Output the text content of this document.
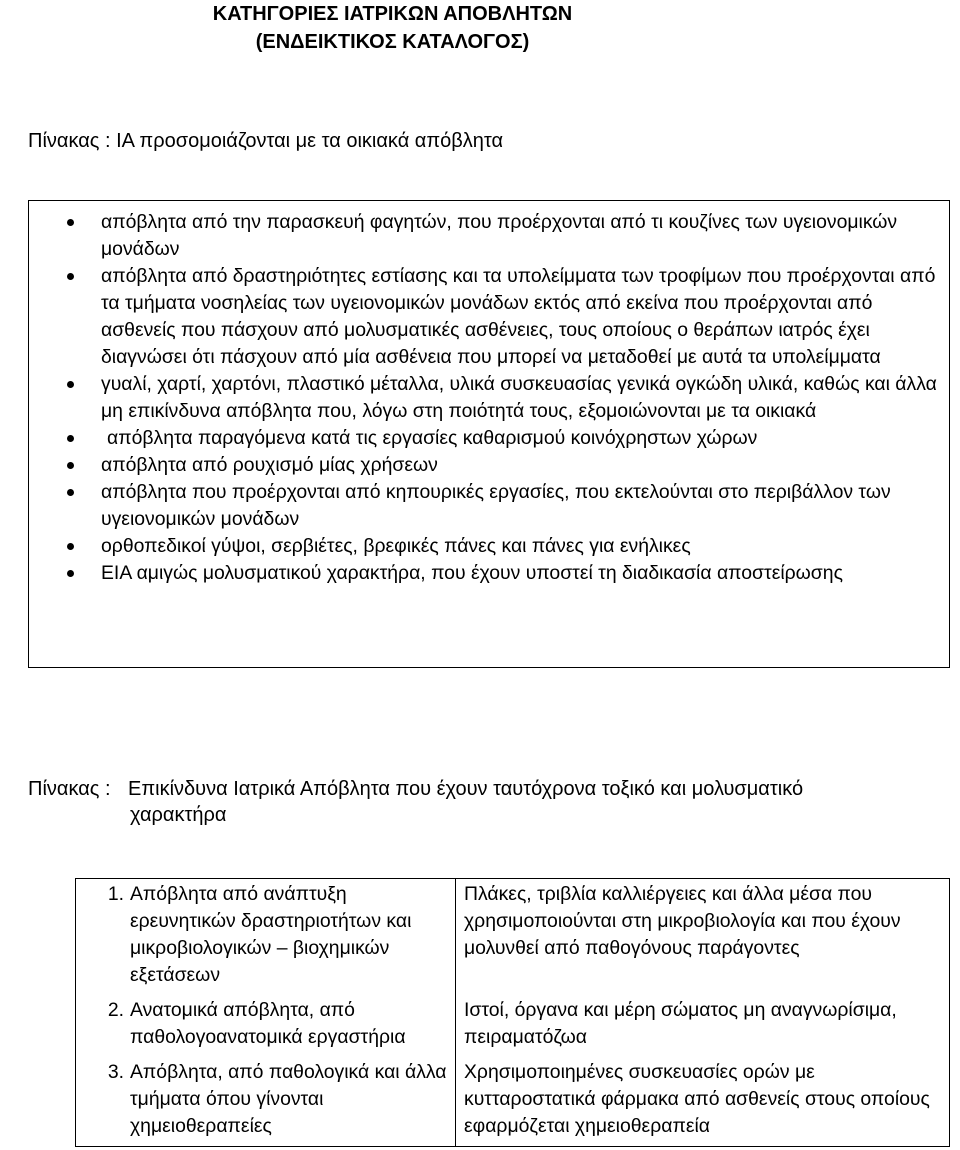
ΚΑΤΗΓΟΡΙΕΣ ΙΑΤΡΙΚΩΝ ΑΠΟΒΛΗΤΩΝ
(ΕΝΔΕΙΚΤΙΚΟΣ ΚΑΤΑΛΟΓΟΣ)
Πίνακας : ΙΑ προσομοιάζονται με τα οικιακά απόβλητα
απόβλητα από την παρασκευή φαγητών, που προέρχονται από τι κουζίνες των υγειονομικών μονάδων
απόβλητα από δραστηριότητες εστίασης και τα υπολείμματα των τροφίμων που προέρχονται από τα τμήματα νοσηλείας των υγειονομικών μονάδων εκτός από εκείνα που προέρχονται από ασθενείς που πάσχουν από μολυσματικές ασθένειες, τους οποίους ο θεράπων ιατρός έχει διαγνώσει ότι πάσχουν από μία ασθένεια που μπορεί να μεταδοθεί με αυτά τα υπολείμματα
γυαλί, χαρτί, χαρτόνι, πλαστικό μέταλλα, υλικά συσκευασίας γενικά ογκώδη υλικά, καθώς και άλλα μη επικίνδυνα απόβλητα που, λόγω στη ποιότητά τους, εξομοιώνονται με τα οικιακά
απόβλητα παραγόμενα κατά τις εργασίες καθαρισμού κοινόχρηστων χώρων
απόβλητα από ρουχισμό μίας χρήσεων
απόβλητα που προέρχονται από κηπουρικές εργασίες, που εκτελούνται στο περιβάλλον των υγειονομικών μονάδων
ορθοπεδικοί γύψοι, σερβιέτες, βρεφικές πάνες και πάνες για ενήλικες
ΕΙΑ αμιγώς μολυσματικού χαρακτήρα, που έχουν υποστεί τη διαδικασία αποστείρωσης
Πίνακας : Επικίνδυνα Ιατρικά Απόβλητα που έχουν ταυτόχρονα τοξικό και μολυσματικό
χαρακτήρα
1. Απόβλητα από ανάπτυξη ερευνητικών δραστηριοτήτων και μικροβιολογικών – βιοχημικών εξετάσεων	Πλάκες, τριβλία καλλιέργειες και άλλα μέσα που χρησιμοποιούνται στη μικροβιολογία και που έχουν μολυνθεί από παθογόνους παράγοντες

2. Ανατομικά απόβλητα, από παθολογοανατομικά εργαστήρια	Ιστοί, όργανα και μέρη σώματος μη αναγνωρίσιμα, πειραματόζωα

3. Απόβλητα, από παθολογικά και άλλα τμήματα όπου γίνονται χημειοθεραπείες	Χρησιμοποιημένες συσκευασίες ορών με κυτταροστατικά φάρμακα από ασθενείς στους οποίους εφαρμόζεται χημειοθεραπεία
